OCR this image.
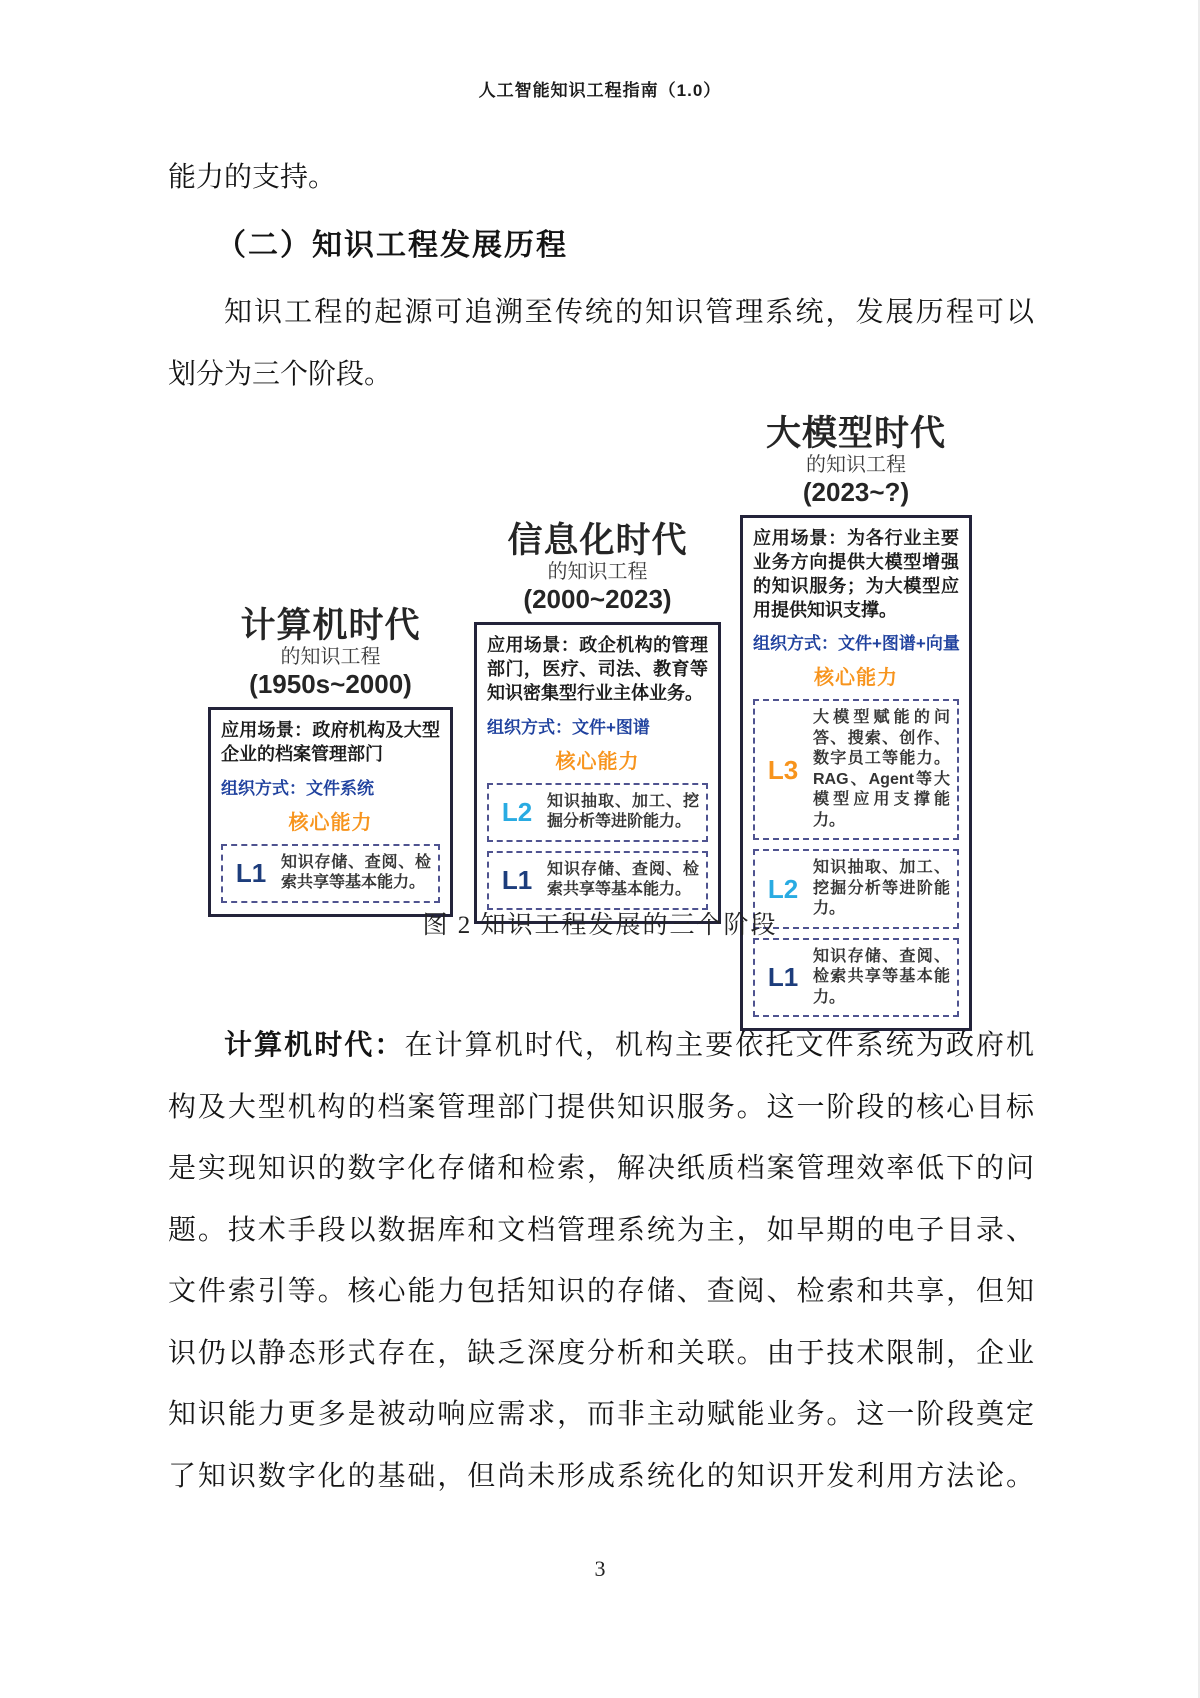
人工智能知识工程指南（1.0）
能力的支持。
（二）知识工程发展历程
知识工程的起源可追溯至传统的知识管理系统，发展历程可以
划分为三个阶段。
计算机时代
的知识工程
(1950s~2000)
应用场景：政府机构及大型企业的档案管理部门
组织方式：文件系统
核心能力
L1 知识存储、查阅、检索共享等基本能力。
信息化时代
的知识工程
(2000~2023)
应用场景：政企机构的管理部门，医疗、司法、教育等知识密集型行业主体业务。
组织方式：文件+图谱
核心能力
L2 知识抽取、加工、挖掘分析等进阶能力。
L1 知识存储、查阅、检索共享等基本能力。
大模型时代
的知识工程
(2023~?)
应用场景：为各行业主要业务方向提供大模型增强的知识服务；为大模型应用提供知识支撑。
组织方式：文件+图谱+向量
核心能力
L3
大模型赋能的问答、搜索、创作、数字员工等能力。RAG、Agent等大模型应用支撑能力。
L2
知识抽取、加工、挖掘分析等进阶能力。
L1
知识存储、查阅、检索共享等基本能力。
图 2 知识工程发展的三个阶段
计算机时代：在计算机时代，机构主要依托文件系统为政府机
构及大型机构的档案管理部门提供知识服务。这一阶段的核心目标
是实现知识的数字化存储和检索，解决纸质档案管理效率低下的问
题。技术手段以数据库和文档管理系统为主，如早期的电子目录、
文件索引等。核心能力包括知识的存储、查阅、检索和共享，但知
识仍以静态形式存在，缺乏深度分析和关联。由于技术限制，企业
知识能力更多是被动响应需求，而非主动赋能业务。这一阶段奠定
了知识数字化的基础，但尚未形成系统化的知识开发利用方法论。
3
